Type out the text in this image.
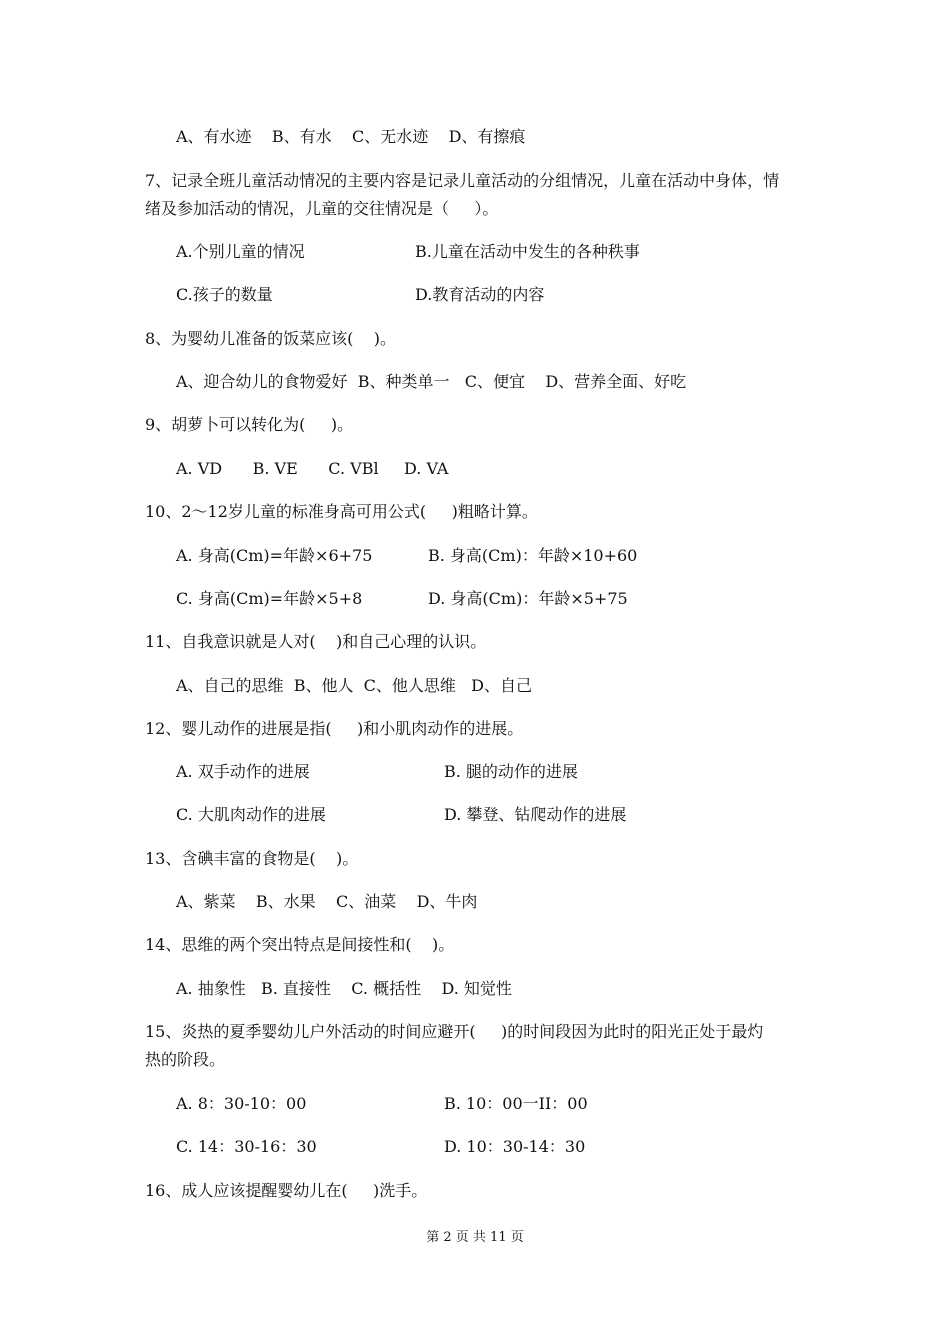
A、有水迹    B、有水    C、无水迹    D、有擦痕
7、记录全班儿童活动情况的主要内容是记录儿童活动的分组情况，儿童在活动中身体，情
绪及参加活动的情况，儿童的交往情况是（     ）。
A.个别儿童的情况	B.儿童在活动中发生的各种秩事
C.孩子的数量	D.教育活动的内容
8、为婴幼儿准备的饭菜应该(    )。
A、迎合幼儿的食物爱好  B、种类单一   C、便宜    D、营养全面、好吃
9、胡萝卜可以转化为(     )。
A. VD      B. VE      C. VBl     D. VA
10、2～12岁儿童的标准身高可用公式(     )粗略计算。
A. 身高(Cm)=年龄×6+75	B. 身高(Cm)：年龄×10+60
C. 身高(Cm)=年龄×5+8	D. 身高(Cm)：年龄×5+75
11、自我意识就是人对(    )和自己心理的认识。
A、自己的思维  B、他人  C、他人思维   D、自己
12、婴儿动作的进展是指(     )和小肌肉动作的进展。
A. 双手动作的进展	B. 腿的动作的进展
C. 大肌肉动作的进展	D. 攀登、钻爬动作的进展
13、含碘丰富的食物是(    )。
A、紫菜    B、水果    C、油菜    D、牛肉
14、思维的两个突出特点是间接性和(    )。
A. 抽象性   B. 直接性    C. 概括性    D. 知觉性
15、炎热的夏季婴幼儿户外活动的时间应避开(     )的时间段因为此时的阳光正处于最灼
热的阶段。
A. 8：30-10：00	B. 10：00一II：00
C. 14：30-16：30	D. 10：30-14：30
16、成人应该提醒婴幼儿在(     )洗手。
第 2 页 共 11 页
